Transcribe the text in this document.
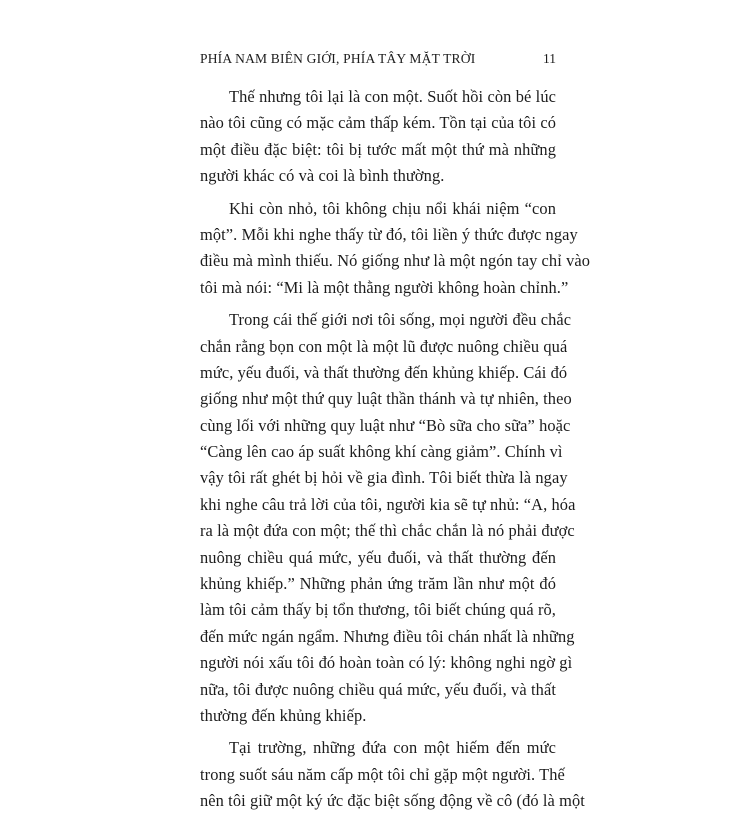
PHÍA NAM BIÊN GIỚI, PHÍA TÂY MẶT TRỜI	11
Thế nhưng tôi lại là con một. Suốt hồi còn bé lúc
nào tôi cũng có mặc cảm thấp kém. Tồn tại của tôi có
một điều đặc biệt: tôi bị tước mất một thứ mà những
người khác có và coi là bình thường.
Khi còn nhỏ, tôi không chịu nổi khái niệm “con
một”. Mỗi khi nghe thấy từ đó, tôi liền ý thức được ngay
điều mà mình thiếu. Nó giống như là một ngón tay chỉ vào
tôi mà nói: “Mi là một thằng người không hoàn chỉnh.”
Trong cái thế giới nơi tôi sống, mọi người đều chắc
chắn rằng bọn con một là một lũ được nuông chiều quá
mức, yếu đuối, và thất thường đến khủng khiếp. Cái đó
giống như một thứ quy luật thần thánh và tự nhiên, theo
cùng lối với những quy luật như “Bò sữa cho sữa” hoặc
“Càng lên cao áp suất không khí càng giảm”. Chính vì
vậy tôi rất ghét bị hỏi về gia đình. Tôi biết thừa là ngay
khi nghe câu trả lời của tôi, người kia sẽ tự nhủ: “A, hóa
ra là một đứa con một; thế thì chắc chắn là nó phải được
nuông chiều quá mức, yếu đuối, và thất thường đến
khủng khiếp.” Những phản ứng trăm lần như một đó
làm tôi cảm thấy bị tổn thương, tôi biết chúng quá rõ,
đến mức ngán ngẩm. Nhưng điều tôi chán nhất là những
người nói xấu tôi đó hoàn toàn có lý: không nghi ngờ gì
nữa, tôi được nuông chiều quá mức, yếu đuối, và thất
thường đến khủng khiếp.
Tại trường, những đứa con một hiếm đến mức
trong suốt sáu năm cấp một tôi chỉ gặp một người. Thế
nên tôi giữ một ký ức đặc biệt sống động về cô (đó là một
